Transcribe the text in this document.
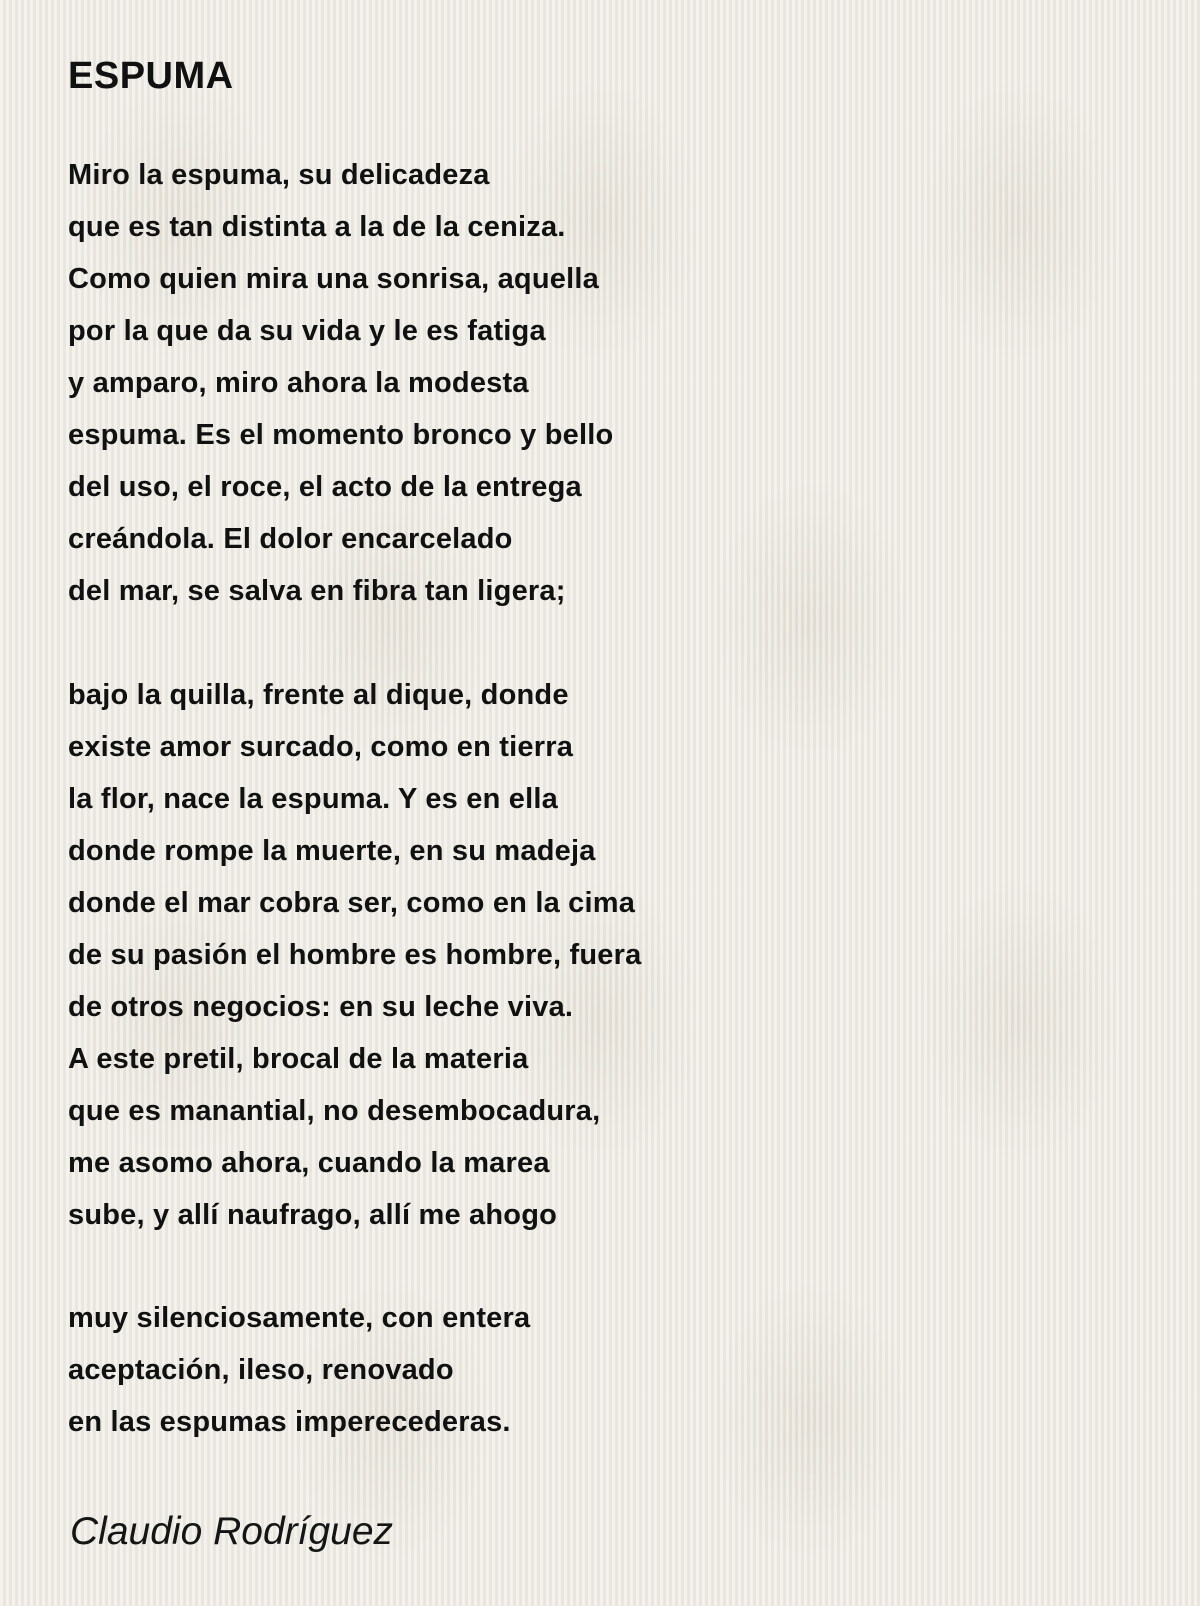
ESPUMA
Miro la espuma, su delicadeza
que es tan distinta a la de la ceniza.
Como quien mira una sonrisa, aquella
por la que da su vida y le es fatiga
y amparo, miro ahora la modesta
espuma. Es el momento bronco y bello
del uso, el roce, el acto de la entrega
creándola. El dolor encarcelado
del mar, se salva en fibra tan ligera;
bajo la quilla, frente al dique, donde
existe amor surcado, como en tierra
la flor, nace la espuma. Y es en ella
donde rompe la muerte, en su madeja
donde el mar cobra ser, como en la cima
de su pasión el hombre es hombre, fuera
de otros negocios: en su leche viva.
A este pretil, brocal de la materia
que es manantial, no desembocadura,
me asomo ahora, cuando la marea
sube, y allí naufrago, allí me ahogo
muy silenciosamente, con entera
aceptación, ileso, renovado
en las espumas imperecederas.

Claudio Rodríguez
